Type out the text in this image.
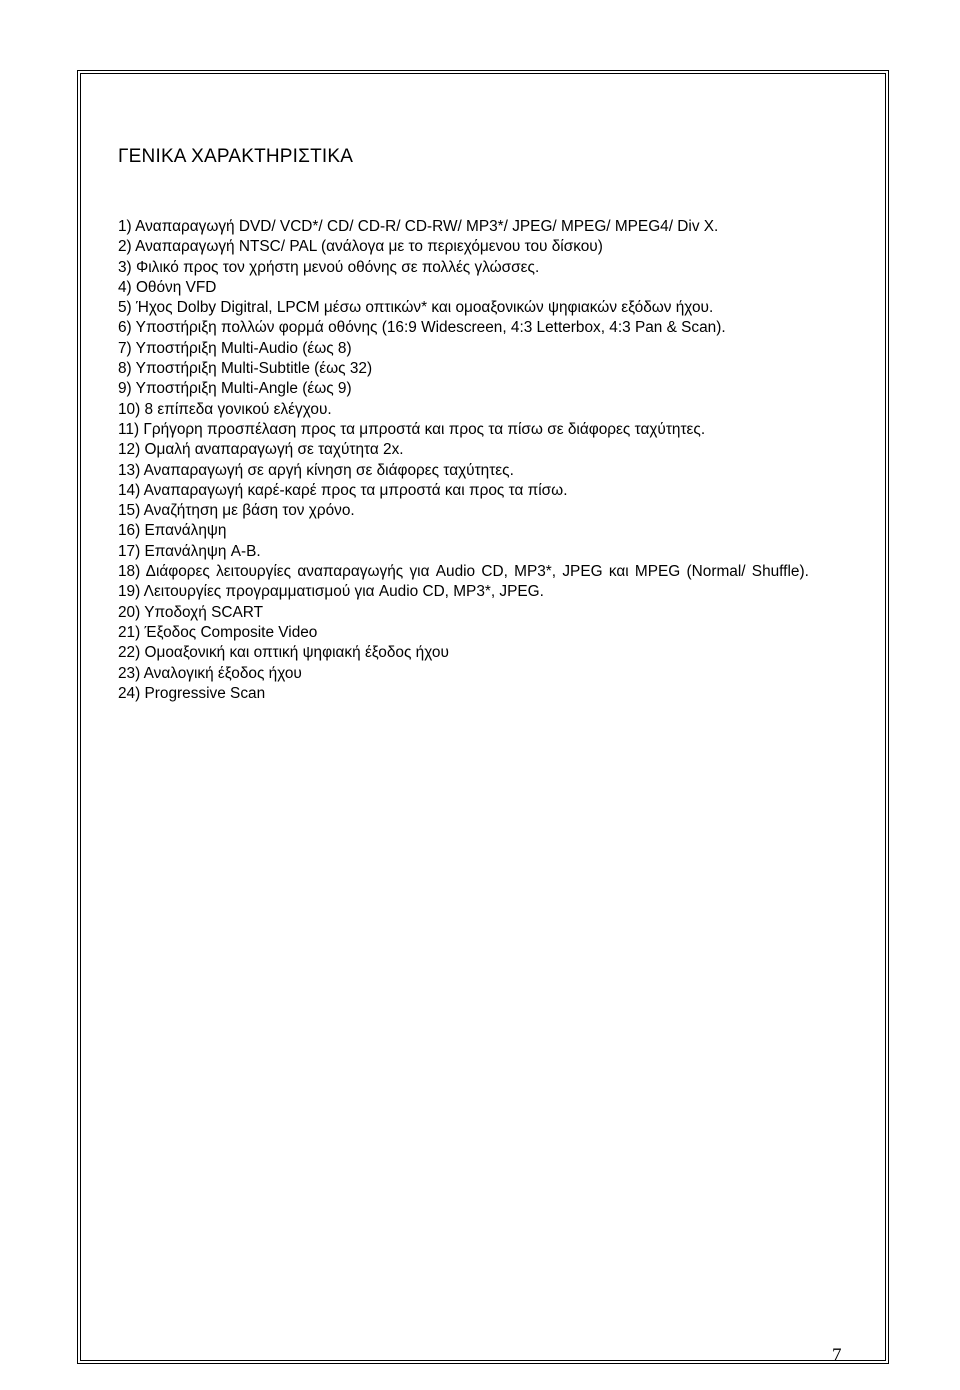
ΓΕΝΙΚΑ ΧΑΡΑΚΤΗΡΙΣΤΙΚΑ
1) Αναπαραγωγή DVD/ VCD*/ CD/ CD-R/ CD-RW/ MP3*/ JPEG/ MPEG/ MPEG4/ Div X.
2) Αναπαραγωγή NTSC/ PAL (ανάλογα με το περιεχόμενου του δίσκου)
3) Φιλικό προς τον χρήστη μενού οθόνης σε πολλές γλώσσες.
4) Οθόνη VFD
5) Ήχος Dolby Digitral, LPCM μέσω οπτικών* και ομοαξονικών ψηφιακών εξόδων ήχου.
6) Υποστήριξη πολλών φορμά οθόνης (16:9 Widescreen, 4:3 Letterbox, 4:3 Pan & Scan).
7) Υποστήριξη Multi-Audio (έως 8)
8) Υποστήριξη Multi-Subtitle (έως 32)
9) Υποστήριξη Multi-Angle (έως 9)
10) 8 επίπεδα γονικού ελέγχου.
11) Γρήγορη προσπέλαση προς τα μπροστά και προς τα πίσω σε διάφορες ταχύτητες.
12) Ομαλή αναπαραγωγή σε ταχύτητα 2x.
13) Αναπαραγωγή σε αργή κίνηση σε διάφορες ταχύτητες.
14) Αναπαραγωγή καρέ-καρέ προς τα μπροστά και προς τα πίσω.
15) Αναζήτηση με βάση τον χρόνο.
16) Επανάληψη
17) Επανάληψη A-B.
18) Διάφορες λειτουργίες αναπαραγωγής για Audio CD, MP3*, JPEG και MPEG (Normal/ Shuffle).
19) Λειτουργίες προγραμματισμού για Audio CD, MP3*, JPEG.
20) Υποδοχή SCART
21) Έξοδος Composite Video
22) Ομοαξονική και οπτική ψηφιακή έξοδος ήχου
23) Αναλογική έξοδος ήχου
24) Progressive Scan
7
